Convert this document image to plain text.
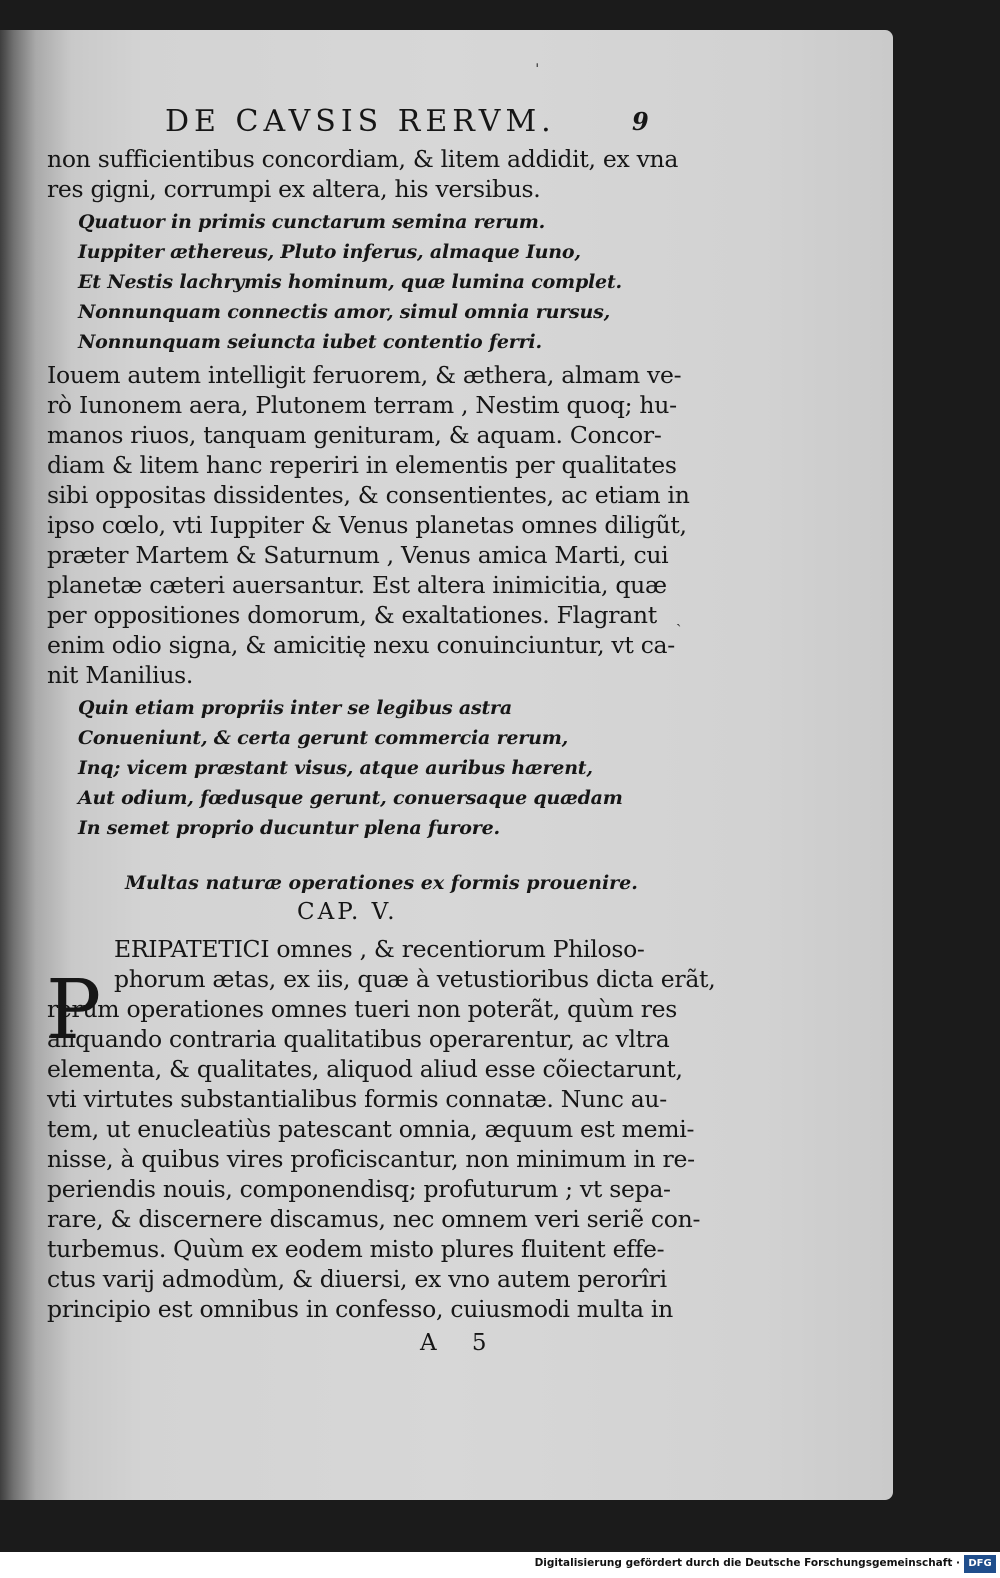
DE CAVSIS RERVM.	9
non sufficientibus concordiam, & litem addidit, ex vna
res gigni, corrumpi ex altera, his versibus.
Quatuor in primis cunctarum semina rerum.
Iuppiter æthereus, Pluto inferus, almaque Iuno,
Et Nestis lachrymis hominum, quæ lumina complet.
Nonnunquam connectis amor, simul omnia rursus,
Nonnunquam seiuncta iubet contentio ferri.
Iouem autem intelligit feruorem, & æthera, almam ve-
rò Iunonem aera, Plutonem terram , Nestim quoq; hu-
manos riuos, tanquam genituram, & aquam. Concor-
diam & litem hanc reperiri in elementis per qualitates
sibi oppositas dissidentes, & consentientes, ac etiam in
ipso cœlo, vti Iuppiter & Venus planetas omnes diligũt,
præter Martem & Saturnum , Venus amica Marti, cui
planetæ cæteri auersantur. Est altera inimicitia, quæ
per oppositiones domorum, & exaltationes. Flagrant
enim odio signa, & amicitię nexu conuinciuntur, vt ca-
nit Manilius.
Quin etiam propriis inter se legibus astra
Conueniunt, & certa gerunt commercia rerum,
Inq; vicem præstant visus, atque auribus hærent,
Aut odium, fœdusque gerunt, conuersaque quædam
In semet proprio ducuntur plena furore.
Multas naturæ operationes ex formis prouenire.
CAP. V.
P
ERIPATETICI omnes , & recentiorum Philoso-
phorum ætas, ex iis, quæ à vetustioribus dicta erãt,
rerum operationes omnes tueri non poterãt, quùm res
aliquando contraria qualitatibus operarentur, ac vltra
elementa, & qualitates, aliquod aliud esse cõiectarunt,
vti virtutes substantialibus formis connatæ. Nunc au-
tem, ut enucleatiùs patescant omnia, æquum est memi-
nisse, à quibus vires proficiscantur, non minimum in re-
periendis nouis, componendisq; profuturum ; vt sepa-
rare, & discernere discamus, nec omnem veri seriẽ con-
turbemus. Quùm ex eodem misto plures fluitent effe-
ctus varij admodùm, & diuersi, ex vno autem perorîri
principio est omnibus in confesso, cuiusmodi multa in
A 5
ˌ
ˏ
Digitalisierung gefördert durch die Deutsche Forschungsgemeinschaft · DFG
